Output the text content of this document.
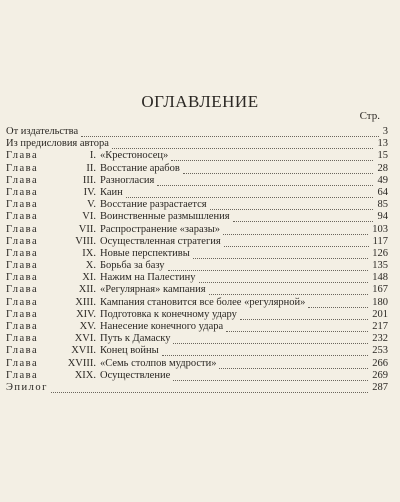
ОГЛАВЛЕНИЕ
Стр.
От издательства	3
Из предисловия автора	13
Глава	I. «Крестоносец»	15
Глава	II. Восстание арабов	28
Глава	III. Разногласия	49
Глава	IV. Каин	64
Глава	V. Восстание разрастается	85
Глава	VI. Воинственные размышления	94
Глава	VII. Распространение «заразы»	103
Глава	VIII. Осуществленная стратегия	117
Глава	IX. Новые перспективы	126
Глава	X. Борьба за базу	135
Глава	XI. Нажим на Палестину	148
Глава	XII. «Регулярная» кампания	167
Глава	XIII. Кампания становится все более «регулярной»	180
Глава	XIV. Подготовка к конечному удару	201
Глава	XV. Нанесение конечного удара	217
Глава	XVI. Путь к Дамаску	232
Глава	XVII. Конец войны	253
Глава	XVIII. «Семь столпов мудрости»	266
Глава	XIX. Осуществление	269
Эпилог	287
